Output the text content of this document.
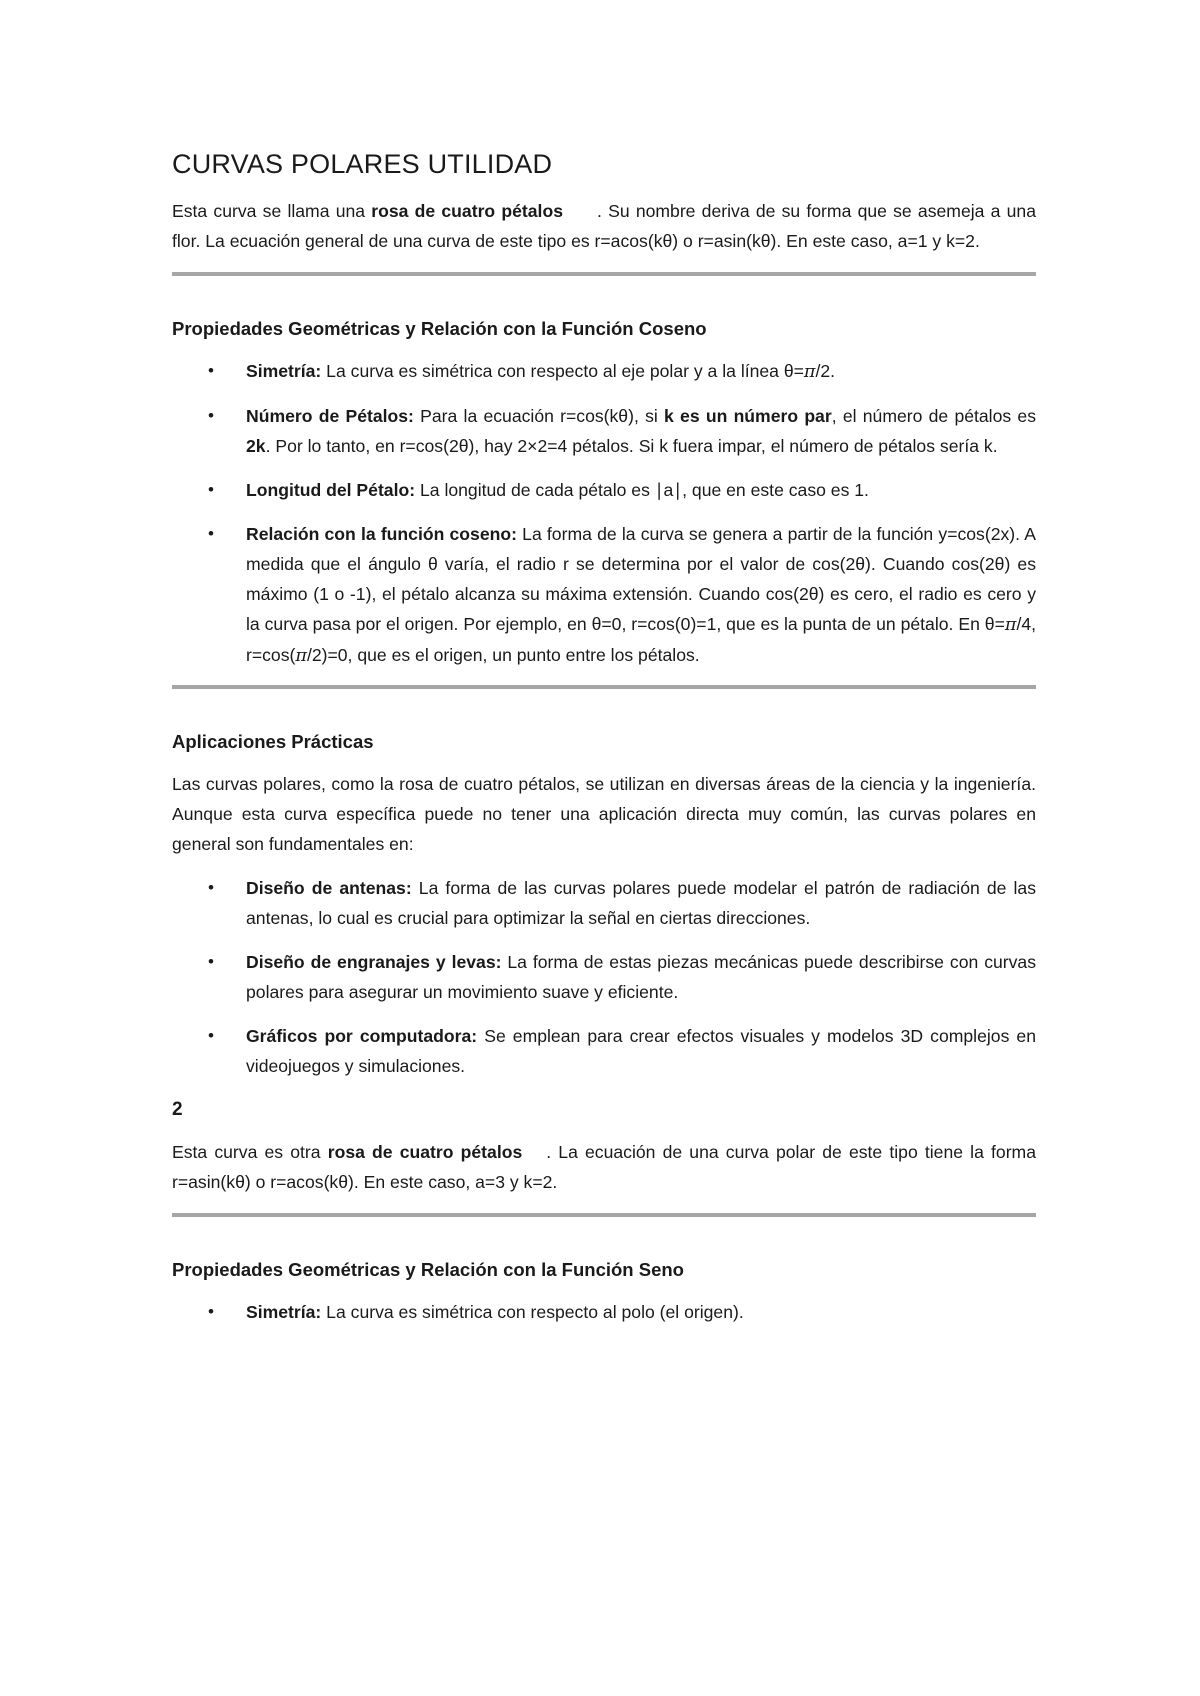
CURVAS POLARES UTILIDAD

Esta curva se llama una rosa de cuatro pétalos . Su nombre deriva de su forma que se asemeja a una flor. La ecuación general de una curva de este tipo es r=acos(kθ) o r=asin(kθ). En este caso, a=1 y k=2.

Propiedades Geométricas y Relación con la Función Coseno
• Simetría: La curva es simétrica con respecto al eje polar y a la línea θ=π/2.
• Número de Pétalos: Para la ecuación r=cos(kθ), si k es un número par, el número de pétalos es 2k. Por lo tanto, en r=cos(2θ), hay 2×2=4 pétalos. Si k fuera impar, el número de pétalos sería k.
• Longitud del Pétalo: La longitud de cada pétalo es ∣a∣, que en este caso es 1.
• Relación con la función coseno: La forma de la curva se genera a partir de la función y=cos(2x). A medida que el ángulo θ varía, el radio r se determina por el valor de cos(2θ). Cuando cos(2θ) es máximo (1 o -1), el pétalo alcanza su máxima extensión. Cuando cos(2θ) es cero, el radio es cero y la curva pasa por el origen. Por ejemplo, en θ=0, r=cos(0)=1, que es la punta de un pétalo. En θ=π/4, r=cos(π/2)=0, que es el origen, un punto entre los pétalos.
Aplicaciones Prácticas

Las curvas polares, como la rosa de cuatro pétalos, se utilizan en diversas áreas de la ciencia y la ingeniería. Aunque esta curva específica puede no tener una aplicación directa muy común, las curvas polares en general son fundamentales en:

• Diseño de antenas: La forma de las curvas polares puede modelar el patrón de radiación de las antenas, lo cual es crucial para optimizar la señal en ciertas direcciones.
• Diseño de engranajes y levas: La forma de estas piezas mecánicas puede describirse con curvas polares para asegurar un movimiento suave y eficiente.
• Gráficos por computadora: Se emplean para crear efectos visuales y modelos 3D complejos en videojuegos y simulaciones.
2

Esta curva es otra rosa de cuatro pétalos . La ecuación de una curva polar de este tipo tiene la forma r=asin(kθ) o r=acos(kθ). En este caso, a=3 y k=2.

Propiedades Geométricas y Relación con la Función Seno
• Simetría: La curva es simétrica con respecto al polo (el origen).
